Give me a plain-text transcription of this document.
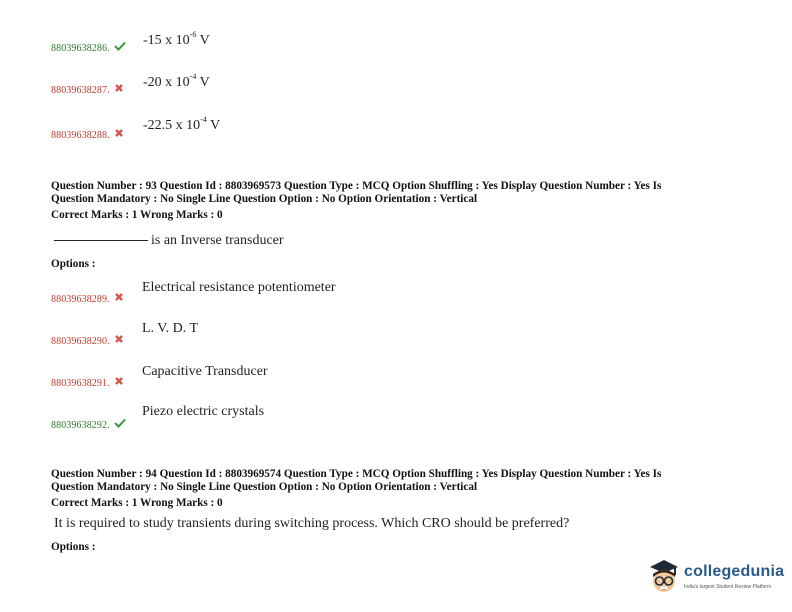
88039638286.
-15 x $10^{-6}$ V
88039638287.
-20 x $10^{-4}$ V
88039638288.
-22.5 x $10^{-4}$ V
Question Number : 93 Question Id : 8803969573 Question Type : MCQ Option Shuffling : Yes Display Question Number : Yes Is
Question Mandatory : No Single Line Question Option : No Option Orientation : Vertical
Correct Marks : 1 Wrong Marks : 0
is an Inverse transducer
Options :
88039638289.
Electrical resistance potentiometer
88039638290.
L. V. D. T
88039638291.
Capacitive Transducer
88039638292.
Piezo electric crystals
Question Number : 94 Question Id : 8803969574 Question Type : MCQ Option Shuffling : Yes Display Question Number : Yes Is
Question Mandatory : No Single Line Question Option : No Option Orientation : Vertical
Correct Marks : 1 Wrong Marks : 0
It is required to study transients during switching process. Which CRO should be preferred?
Options :
collegedunia
India's largest Student Review Platform
